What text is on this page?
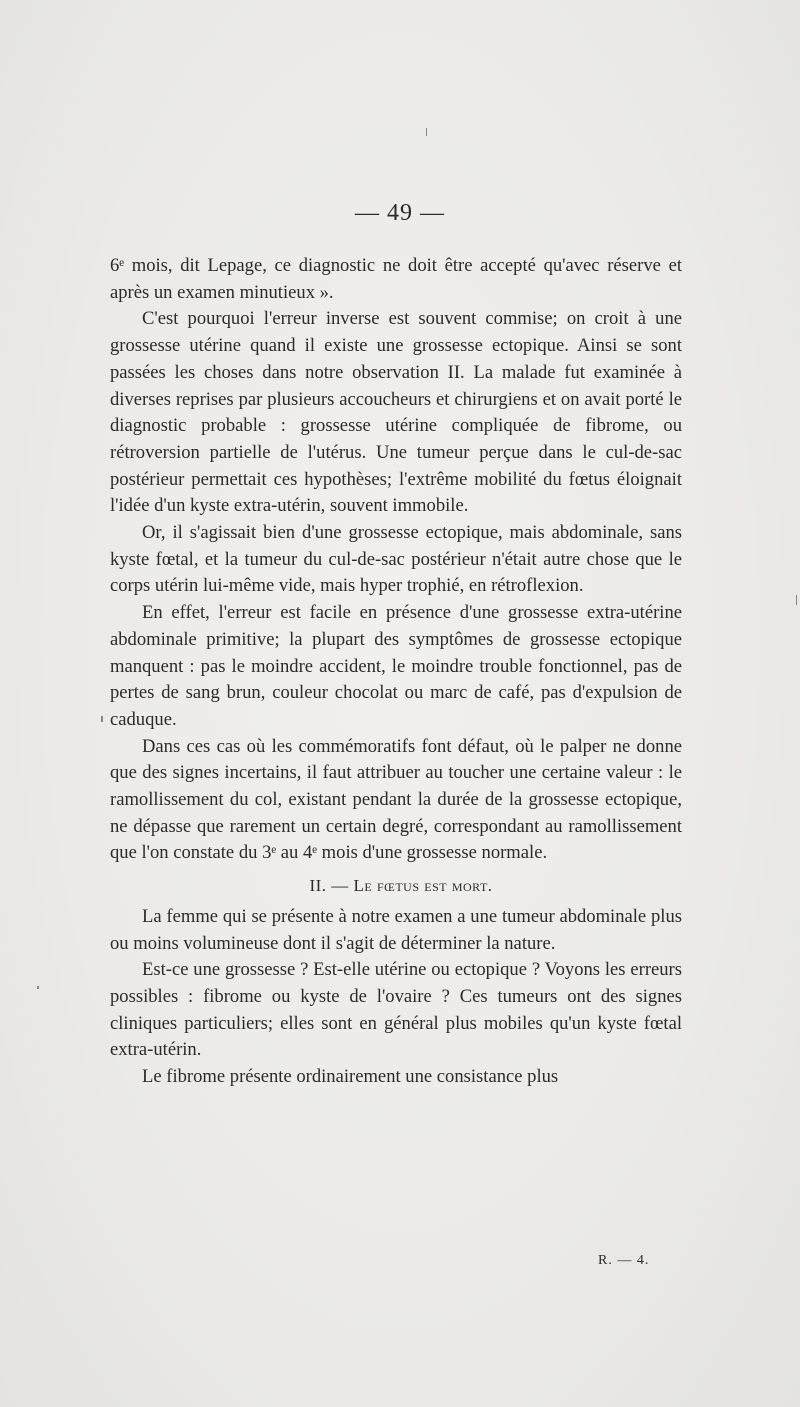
— 49 —

6ᵉ mois, dit Lepage, ce diagnostic ne doit être accepté qu'avec réserve et après un examen minutieux ».

C'est pourquoi l'erreur inverse est souvent commise; on croit à une grossesse utérine quand il existe une grossesse ectopique. Ainsi se sont passées les choses dans notre observation II. La malade fut examinée à diverses reprises par plusieurs accoucheurs et chirurgiens et on avait porté le diagnostic probable : grossesse utérine compliquée de fibrome, ou rétroversion partielle de l'utérus. Une tumeur perçue dans le cul-de-sac postérieur permettait ces hypothèses; l'extrême mobilité du fœtus éloignait l'idée d'un kyste extra-utérin, souvent immobile.

Or, il s'agissait bien d'une grossesse ectopique, mais abdominale, sans kyste fœtal, et la tumeur du cul-de-sac postérieur n'était autre chose que le corps utérin lui-même vide, mais hyper trophié, en rétroflexion.

En effet, l'erreur est facile en présence d'une grossesse extra-utérine abdominale primitive; la plupart des symptômes de grossesse ectopique manquent : pas le moindre accident, le moindre trouble fonctionnel, pas de pertes de sang brun, couleur chocolat ou marc de café, pas d'expulsion de caduque.

Dans ces cas où les commémoratifs font défaut, où le palper ne donne que des signes incertains, il faut attribuer au toucher une certaine valeur : le ramollissement du col, existant pendant la durée de la grossesse ectopique, ne dépasse que rarement un certain degré, correspondant au ramollissement que l'on constate du 3ᵉ au 4ᵉ mois d'une grossesse normale.

II. — Le fœtus est mort.

La femme qui se présente à notre examen a une tumeur abdominale plus ou moins volumineuse dont il s'agit de déterminer la nature.

Est-ce une grossesse ? Est-elle utérine ou ectopique ? Voyons les erreurs possibles : fibrome ou kyste de l'ovaire ? Ces tumeurs ont des signes cliniques particuliers; elles sont en général plus mobiles qu'un kyste fœtal extra-utérin.

Le fibrome présente ordinairement une consistance plus

R. — 4.
